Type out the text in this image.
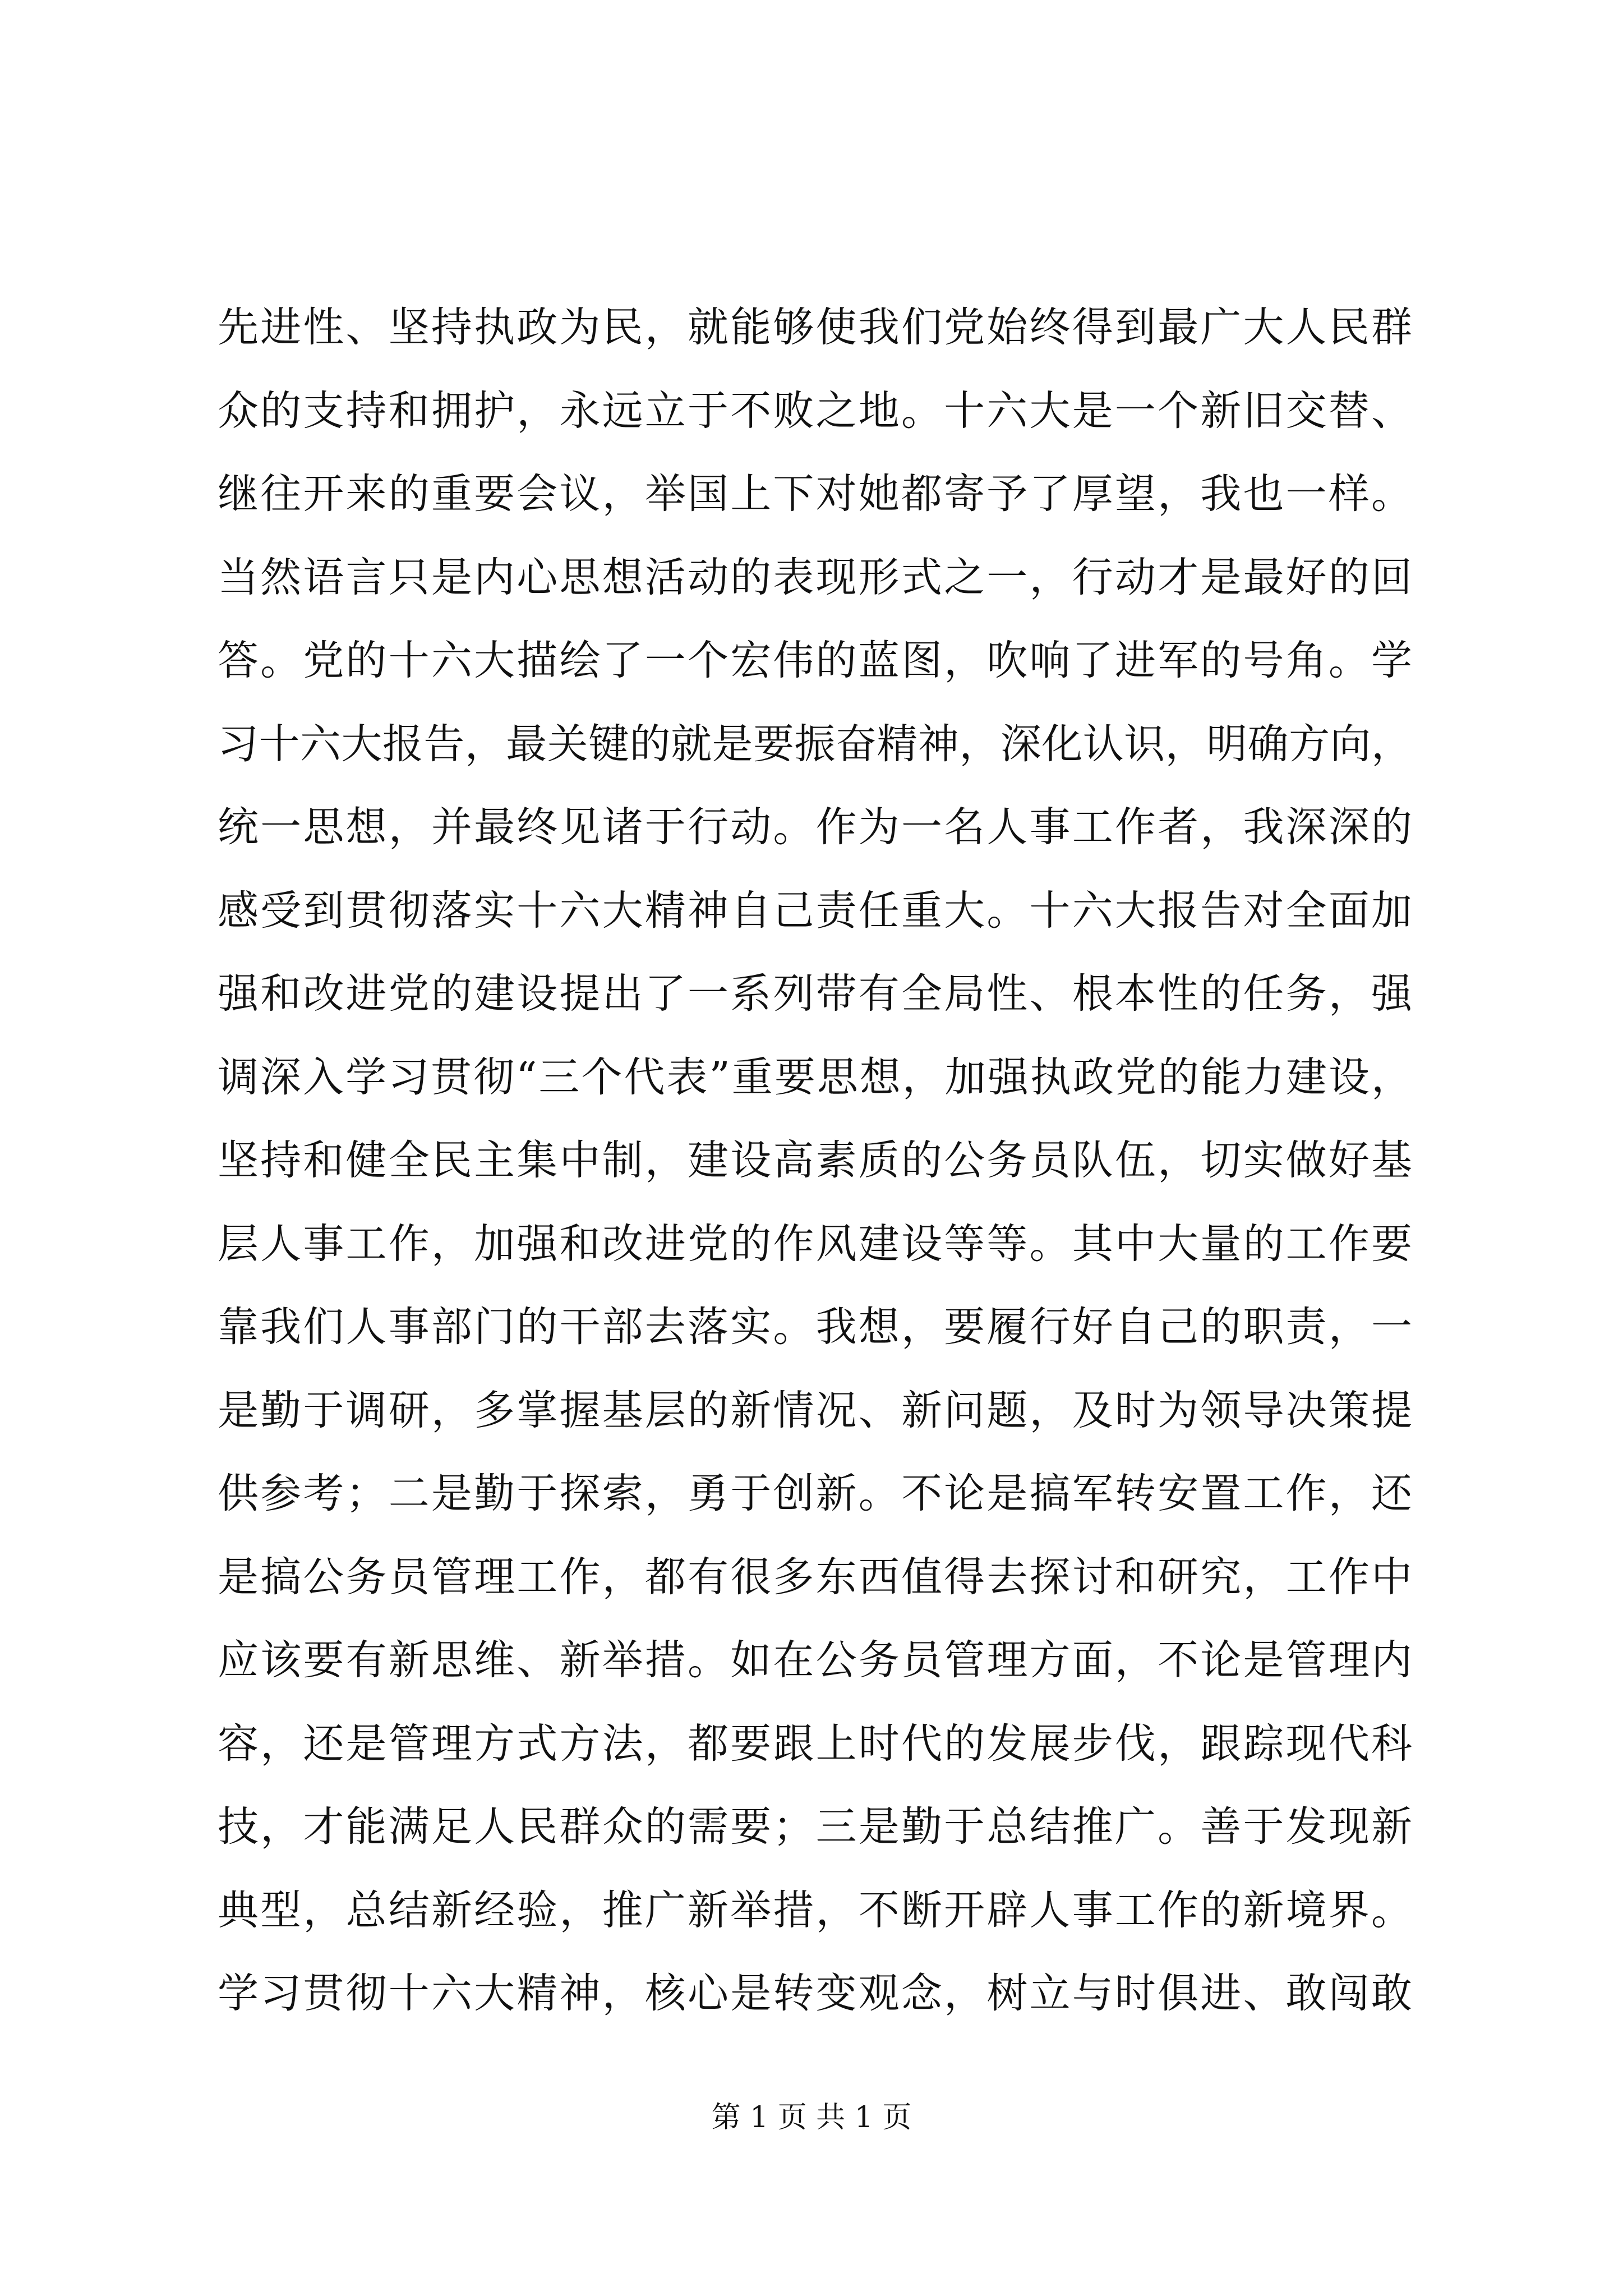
先进性、坚持执政为民，就能够使我们党始终得到最广大人民群
众的支持和拥护，永远立于不败之地。十六大是一个新旧交替、
继往开来的重要会议，举国上下对她都寄予了厚望，我也一样。
当然语言只是内心思想活动的表现形式之一，行动才是最好的回
答。党的十六大描绘了一个宏伟的蓝图，吹响了进军的号角。学
习十六大报告，最关键的就是要振奋精神，深化认识，明确方向，
统一思想，并最终见诸于行动。作为一名人事工作者，我深深的
感受到贯彻落实十六大精神自己责任重大。十六大报告对全面加
强和改进党的建设提出了一系列带有全局性、根本性的任务，强
调深入学习贯彻“三个代表”重要思想，加强执政党的能力建设，
坚持和健全民主集中制，建设高素质的公务员队伍，切实做好基
层人事工作，加强和改进党的作风建设等等。其中大量的工作要
靠我们人事部门的干部去落实。我想，要履行好自己的职责，一
是勤于调研，多掌握基层的新情况、新问题，及时为领导决策提
供参考；二是勤于探索，勇于创新。不论是搞军转安置工作，还
是搞公务员管理工作，都有很多东西值得去探讨和研究，工作中
应该要有新思维、新举措。如在公务员管理方面，不论是管理内
容，还是管理方式方法，都要跟上时代的发展步伐，跟踪现代科
技，才能满足人民群众的需要；三是勤于总结推广。善于发现新
典型，总结新经验，推广新举措，不断开辟人事工作的新境界。
学习贯彻十六大精神，核心是转变观念，树立与时俱进、敢闯敢
第 1 页 共 1 页
